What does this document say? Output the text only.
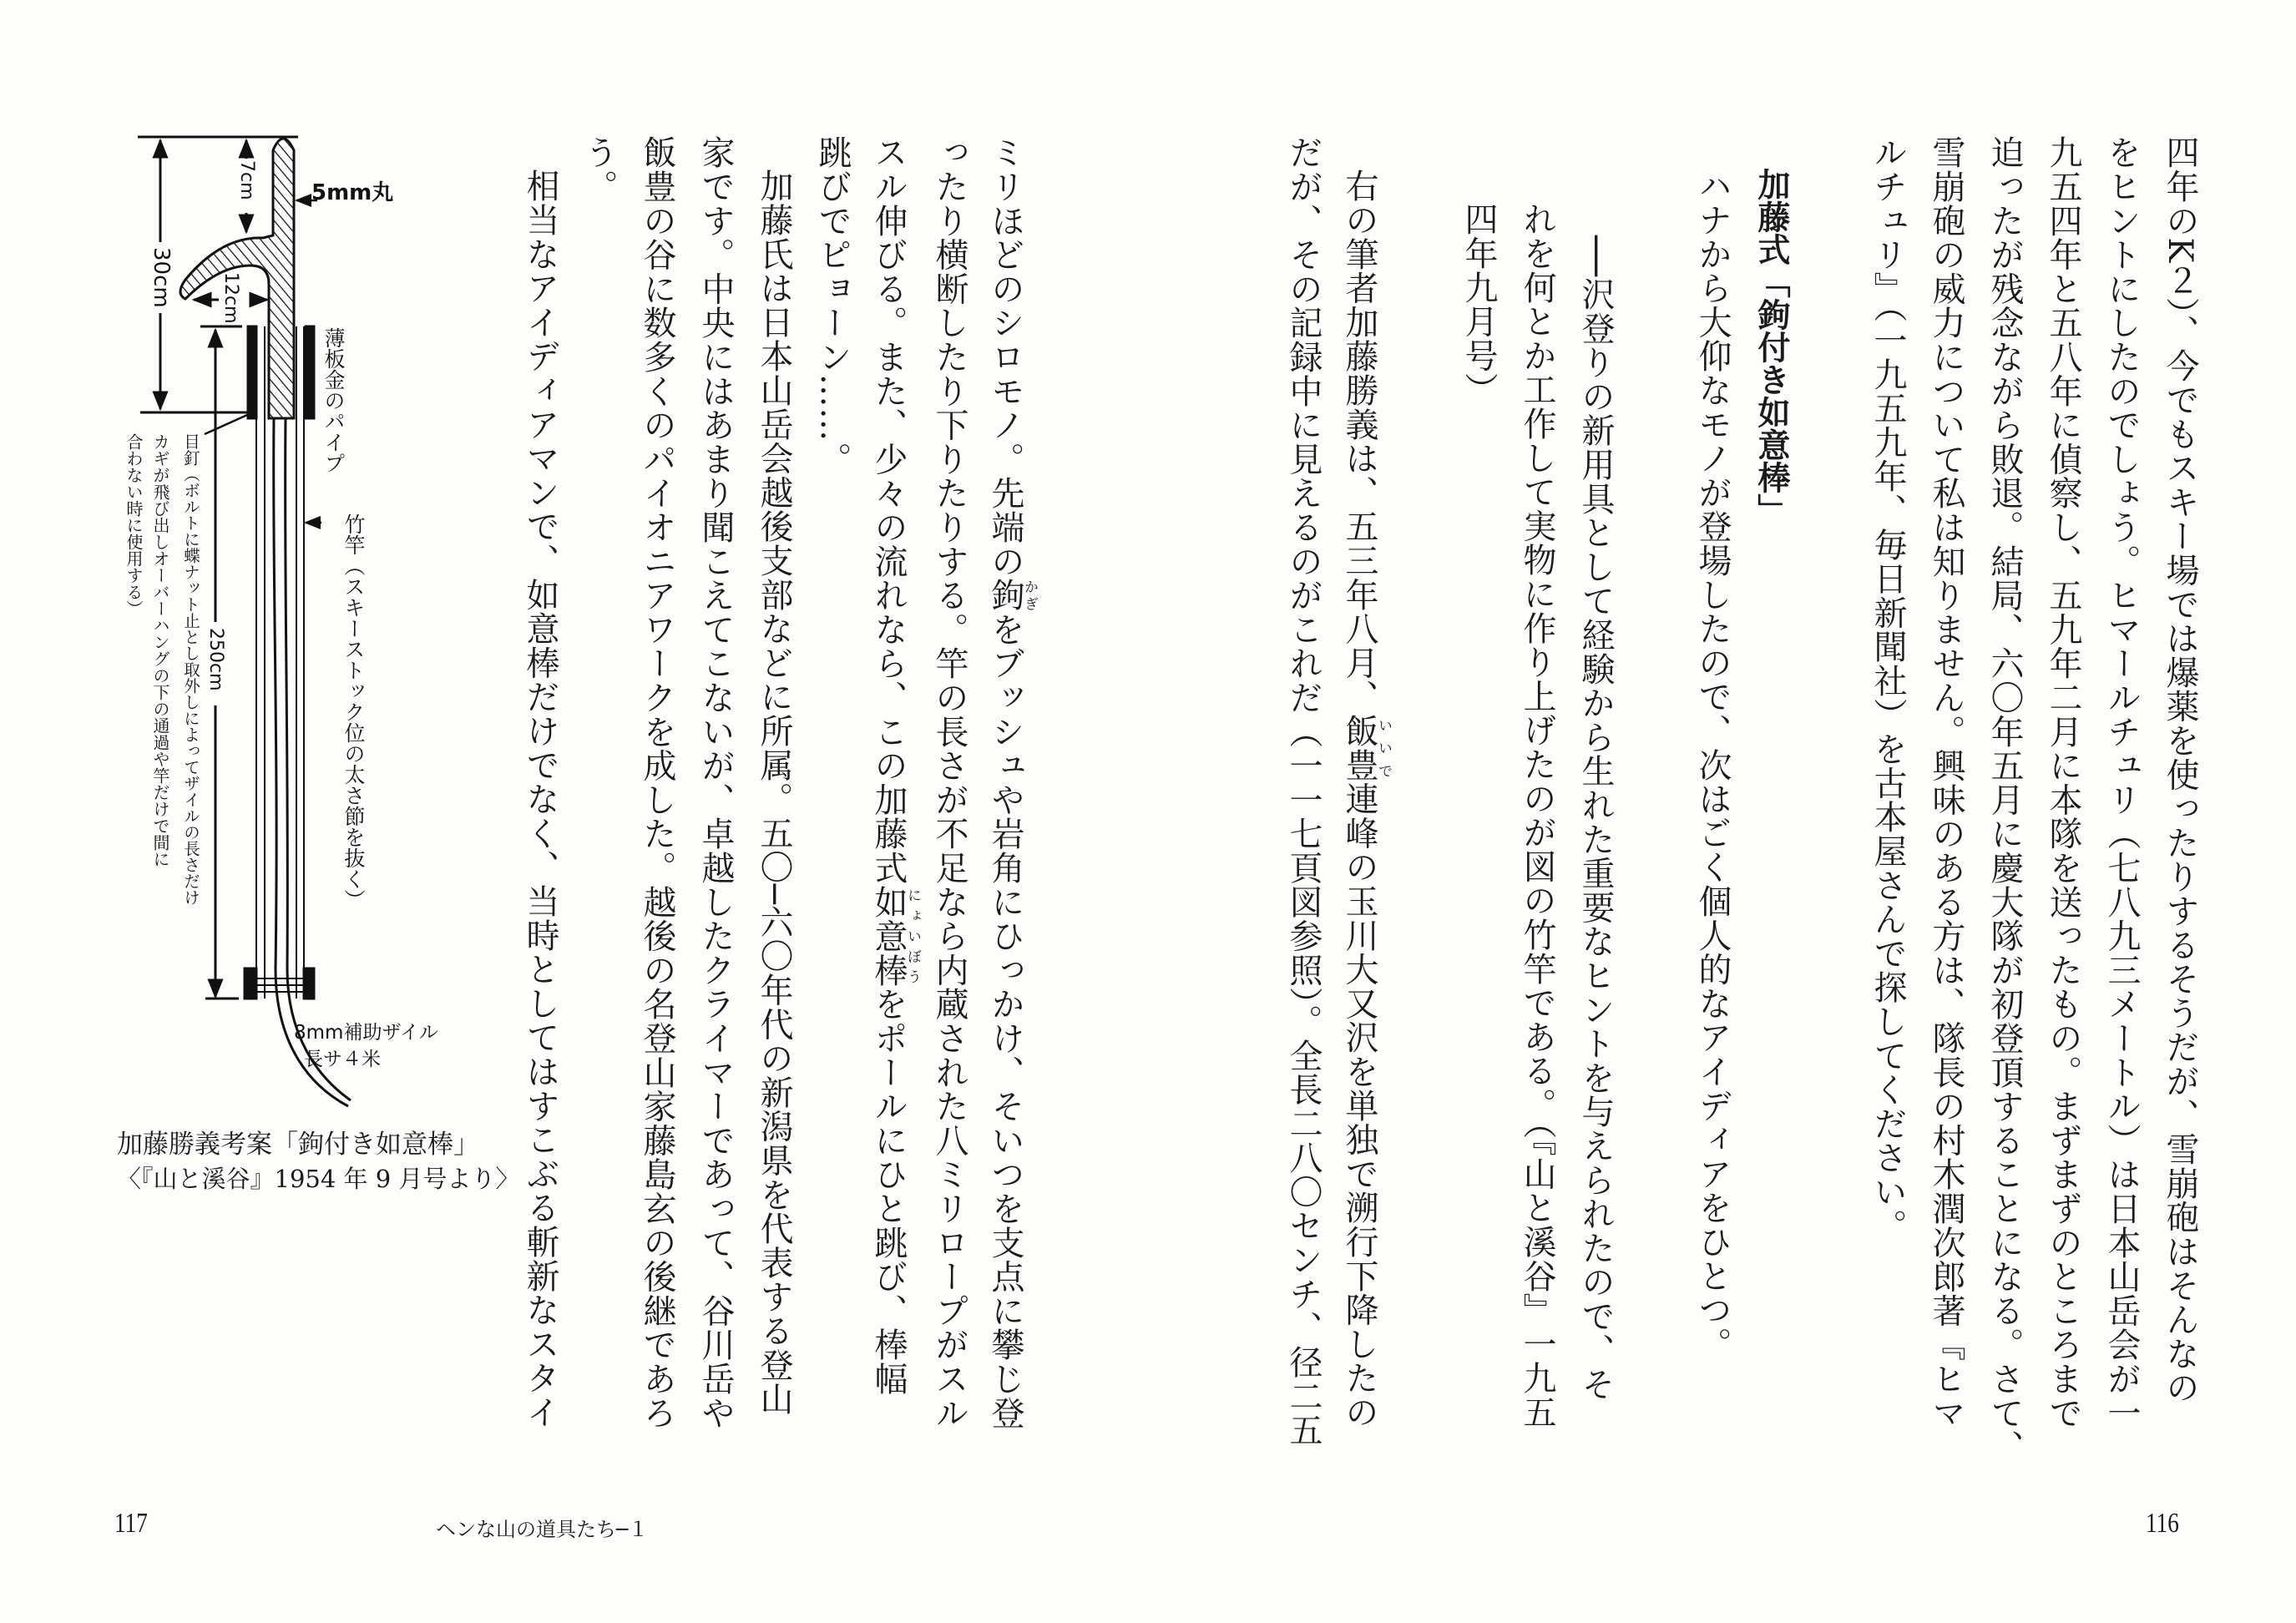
四年のK２）、今でもスキー場では爆薬を使ったりするそうだが、雪崩砲はそんなの
をヒントにしたのでしょう。ヒマールチュリ（七八九三メートル）は日本山岳会が一
九五四年と五八年に偵察し、五九年二月に本隊を送ったもの。まずまずのところまで
迫ったが残念ながら敗退。結局、六〇年五月に慶大隊が初登頂することになる。さて、
雪崩砲の威力について私は知りません。興味のある方は、隊長の村木潤次郎著『ヒマ
ルチュリ』（一九五九年、毎日新聞社）を古本屋さんで探してください。
加藤式「鉤付き如意棒」
ハナから大仰なモノが登場したので、次はごく個人的なアイディアをひとつ。
──沢登りの新用具として経験から生れた重要なヒントを与えられたので、そ
れを何とか工作して実物に作り上げたのが図の竹竿である。（『山と溪谷』一九五
四年九月号）
右の筆者加藤勝義は、五三年八月、飯豊いいで連峰の玉川大又沢を単独で溯行下降したの
だが、その記録中に見えるのがこれだ（一一七頁図参照）。全長二八〇センチ、径二五
ミリほどのシロモノ。先端の鉤かぎをブッシュや岩角にひっかけ、そいつを支点に攀じ登
ったり横断したり下りたりする。竿の長さが不足なら内蔵された八ミリロープがスル
スル伸びる。また、少々の流れなら、この加藤式如意棒にょいぼうをポールにひと跳び、棒幅
跳びでピョーン……。
加藤氏は日本山岳会越後支部などに所属。五〇─六〇年代の新潟県を代表する登山
家です。中央にはあまり聞こえてこないが、卓越したクライマーであって、谷川岳や
飯豊の谷に数多くのパイオニアワークを成した。越後の名登山家藤島玄の後継であろ
う。
相当なアイディアマンで、如意棒だけでなく、当時としてはすこぶる斬新なスタイ
5mm丸
7cm
30cm	12cm
薄板金のパイプ
竹竿（スキーストック位の太さ節を抜く）
250cm
目釘（ボルトに蝶ナット止とし取外しによってザイルの長さだけ
カギが飛び出しオーバーハングの下の通過や竿だけで間に
合わない時に使用する）
8mm補助ザイル
長サ４米
加藤勝義考案「鉤付き如意棒」
〈『山と溪谷』1954 年 9 月号より〉
117	ヘンな山の道具たち─１	116
